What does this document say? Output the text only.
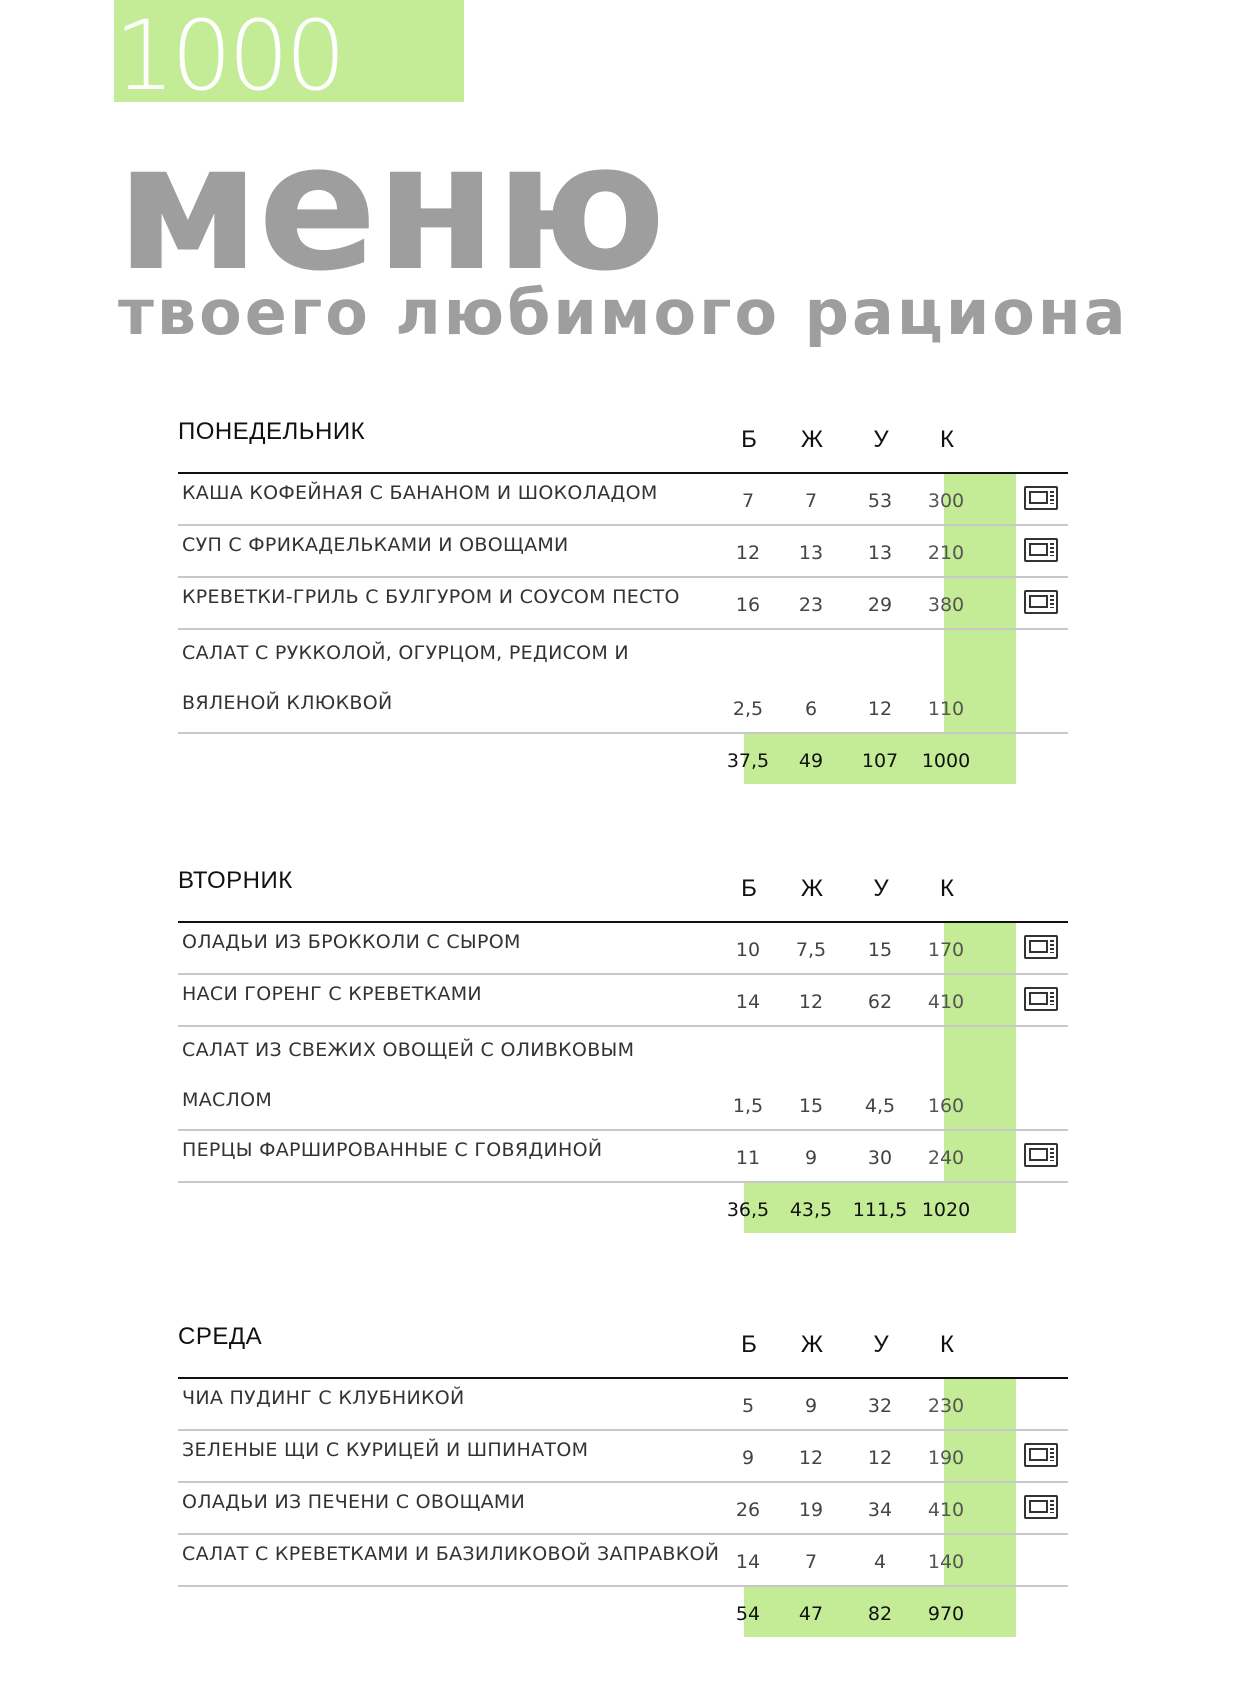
1000
меню
твоего любимого рациона
ПОНЕДЕЛЬНИК	Б	Ж	У	К
КАША КОФЕЙНАЯ С БАНАНОМ И ШОКОЛАДОМ	7	7	53	300
СУП С ФРИКАДЕЛЬКАМИ И ОВОЩАМИ	12	13	13	210
КРЕВЕТКИ-ГРИЛЬ С БУЛГУРОМ И СОУСОМ ПЕСТО	16	23	29	380
САЛАТ С РУККОЛОЙ, ОГУРЦОМ, РЕДИСОМ И
ВЯЛЕНОЙ КЛЮКВОЙ	2,5	6	12	110
37,5	49	107	1000
ВТОРНИК	Б	Ж	У	К
ОЛАДЬИ ИЗ БРОККОЛИ С СЫРОМ	10	7,5	15	170
НАСИ ГОРЕНГ С КРЕВЕТКАМИ	14	12	62	410
САЛАТ ИЗ СВЕЖИХ ОВОЩЕЙ С ОЛИВКОВЫМ
МАСЛОМ	1,5	15	4,5	160
ПЕРЦЫ ФАРШИРОВАННЫЕ С ГОВЯДИНОЙ	11	9	30	240
36,5	43,5	111,5 1020
СРЕДА	Б	Ж	У	К
ЧИА ПУДИНГ С КЛУБНИКОЙ	5	9	32	230
ЗЕЛЕНЫЕ ЩИ С КУРИЦЕЙ И ШПИНАТОМ	9	12	12	190
ОЛАДЬИ ИЗ ПЕЧЕНИ С ОВОЩАМИ	26	19	34	410
САЛАТ С КРЕВЕТКАМИ И БАЗИЛИКОВОЙ ЗАПРАВКОЙ 14	7	4	140
54	47	82	970
